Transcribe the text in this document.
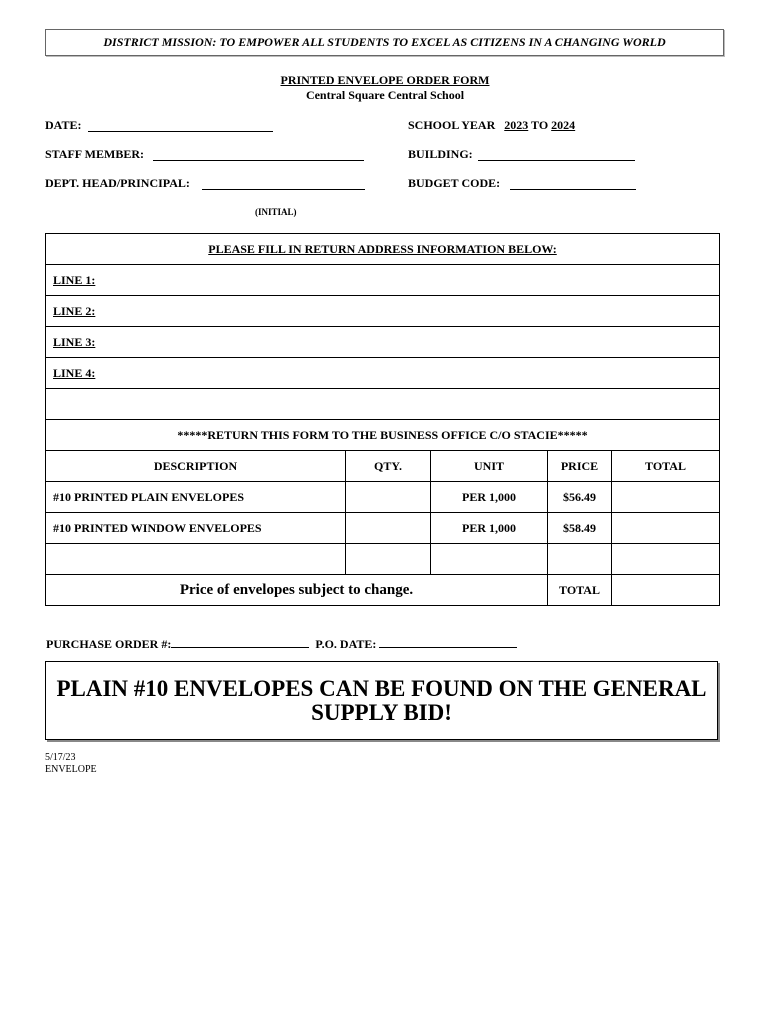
DISTRICT MISSION: TO EMPOWER ALL STUDENTS TO EXCEL AS CITIZENS IN A CHANGING WORLD
PRINTED ENVELOPE ORDER FORM
Central Square Central School
DATE:	SCHOOL YEAR 2023 TO 2024
STAFF MEMBER:	BUILDING:
DEPT. HEAD/PRINCIPAL:	BUDGET CODE:
(INITIAL)
PLEASE FILL IN RETURN ADDRESS INFORMATION BELOW:				
LINE 1:				
LINE 2:				
LINE 3:				
LINE 4:				

*****RETURN THIS FORM TO THE BUSINESS OFFICE C/O STACIE*****				
DESCRIPTION	QTY.	UNIT	PRICE	TOTAL
#10 PRINTED PLAIN ENVELOPES		PER 1,000	$56.49	
#10 PRINTED WINDOW ENVELOPES		PER 1,000	$58.49	

Price of envelopes subject to change.			TOTAL	
PURCHASE ORDER #:	P.O. DATE:
PLAIN #10 ENVELOPES CAN BE FOUND ON THE GENERAL SUPPLY BID!
5/17/23
ENVELOPE
